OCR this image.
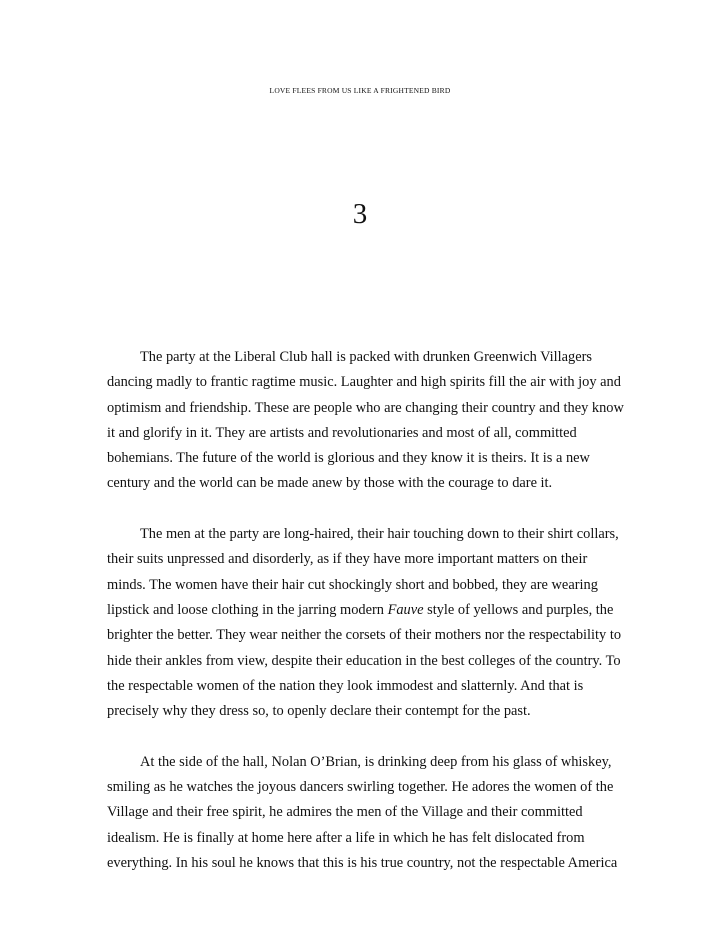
LOVE FLEES FROM US LIKE A FRIGHTENED BIRD
3

The party at the Liberal Club hall is packed with drunken Greenwich Villagers
dancing madly to frantic ragtime music. Laughter and high spirits fill the air with joy and
optimism and friendship. These are people who are changing their country and they know
it and glorify in it. They are artists and revolutionaries and most of all, committed
bohemians. The future of the world is glorious and they know it is theirs. It is a new
century and the world can be made anew by those with the courage to dare it.

The men at the party are long-haired, their hair touching down to their shirt collars,
their suits unpressed and disorderly, as if they have more important matters on their
minds. The women have their hair cut shockingly short and bobbed, they are wearing
lipstick and loose clothing in the jarring modern Fauve style of yellows and purples, the
brighter the better. They wear neither the corsets of their mothers nor the respectability to
hide their ankles from view, despite their education in the best colleges of the country. To
the respectable women of the nation they look immodest and slatternly. And that is
precisely why they dress so, to openly declare their contempt for the past.

At the side of the hall, Nolan O’Brian, is drinking deep from his glass of whiskey,
smiling as he watches the joyous dancers swirling together. He adores the women of the
Village and their free spirit, he admires the men of the Village and their committed
idealism. He is finally at home here after a life in which he has felt dislocated from
everything. In his soul he knows that this is his true country, not the respectable America
